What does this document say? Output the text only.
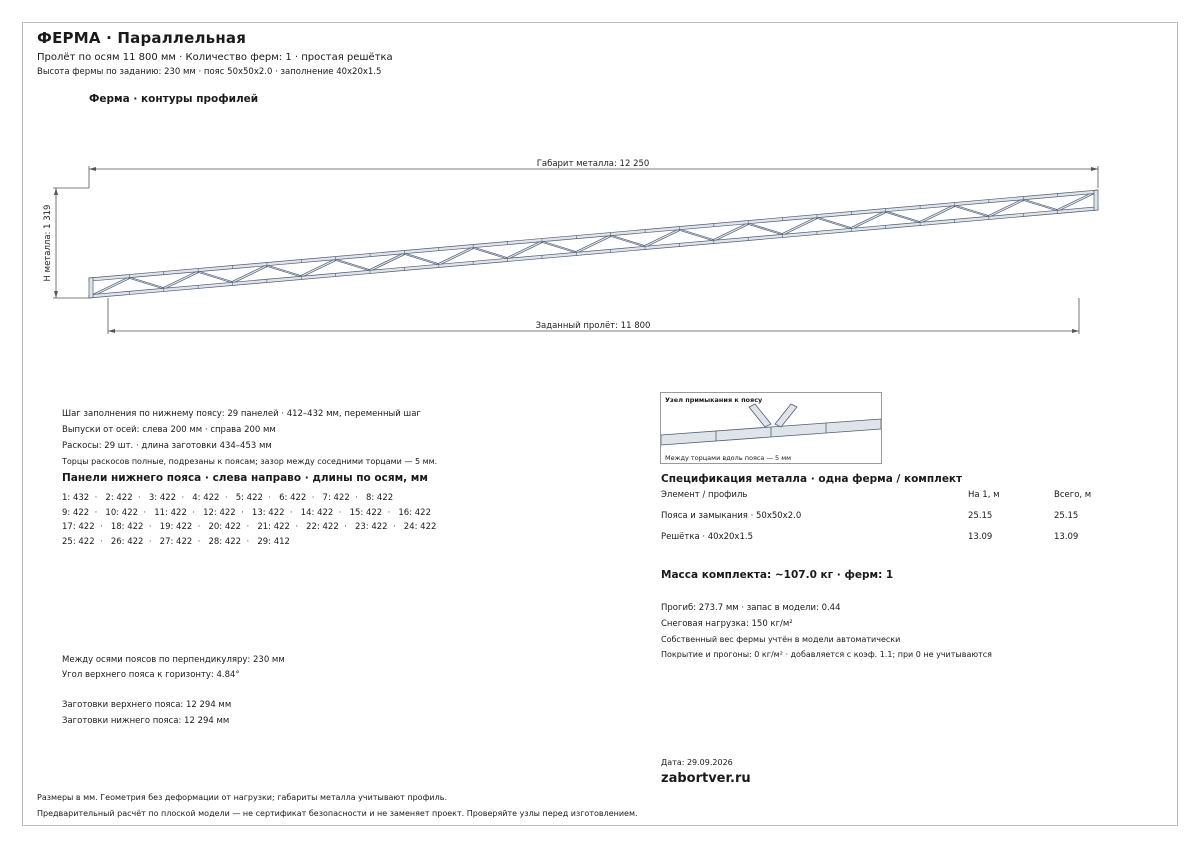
ФЕРМА · Параллельная
Пролёт по осям 11 800 мм · Количество ферм: 1 · простая решётка
Высота фермы по заданию: 230 мм · пояс 50х50х2.0 · заполнение 40х20х1.5
Ферма · контуры профилей
Габарит металла: 12 250
H металла: 1 319
Заданный пролёт: 11 800
Шаг заполнения по нижнему поясу: 29 панелей · 412–432 мм, переменный шаг
Выпуски от осей: слева 200 мм · справа 200 мм
Раскосы: 29 шт. · длина заготовки 434–453 мм
Торцы раскосов полные, подрезаны к поясам; зазор между соседними торцами — 5 мм.
Панели нижнего пояса · слева направо · длины по осям, мм
1: 432  ·   2: 422  ·   3: 422  ·   4: 422  ·   5: 422  ·   6: 422  ·   7: 422  ·   8: 422
9: 422  ·   10: 422  ·   11: 422  ·   12: 422  ·   13: 422  ·   14: 422  ·   15: 422  ·   16: 422
17: 422  ·   18: 422  ·   19: 422  ·   20: 422  ·   21: 422  ·   22: 422  ·   23: 422  ·   24: 422
25: 422  ·   26: 422  ·   27: 422  ·   28: 422  ·   29: 412
Между осями поясов по перпендикуляру: 230 мм
Угол верхнего пояса к горизонту: 4.84°
Заготовки верхнего пояса: 12 294 мм
Заготовки нижнего пояса: 12 294 мм
Узел примыкания к поясу
Между торцами вдоль пояса — 5 мм
Спецификация металла · одна ферма / комплект
Элемент / профиль	На 1, м	Всего, м
Пояса и замыкания · 50х50х2.0	25.15	25.15
Решётка · 40х20х1.5	13.09	13.09
Масса комплекта: ~107.0 кг · ферм: 1
Прогиб: 273.7 мм · запас в модели: 0.44
Снеговая нагрузка: 150 кг/м²
Собственный вес фермы учтён в модели автоматически
Покрытие и прогоны: 0 кг/м² · добавляется с коэф. 1.1; при 0 не учитываются
Дата: 29.09.2026
zabortver.ru
Размеры в мм. Геометрия без деформации от нагрузки; габариты металла учитывают профиль.
Предварительный расчёт по плоской модели — не сертификат безопасности и не заменяет проект. Проверяйте узлы перед изготовлением.
